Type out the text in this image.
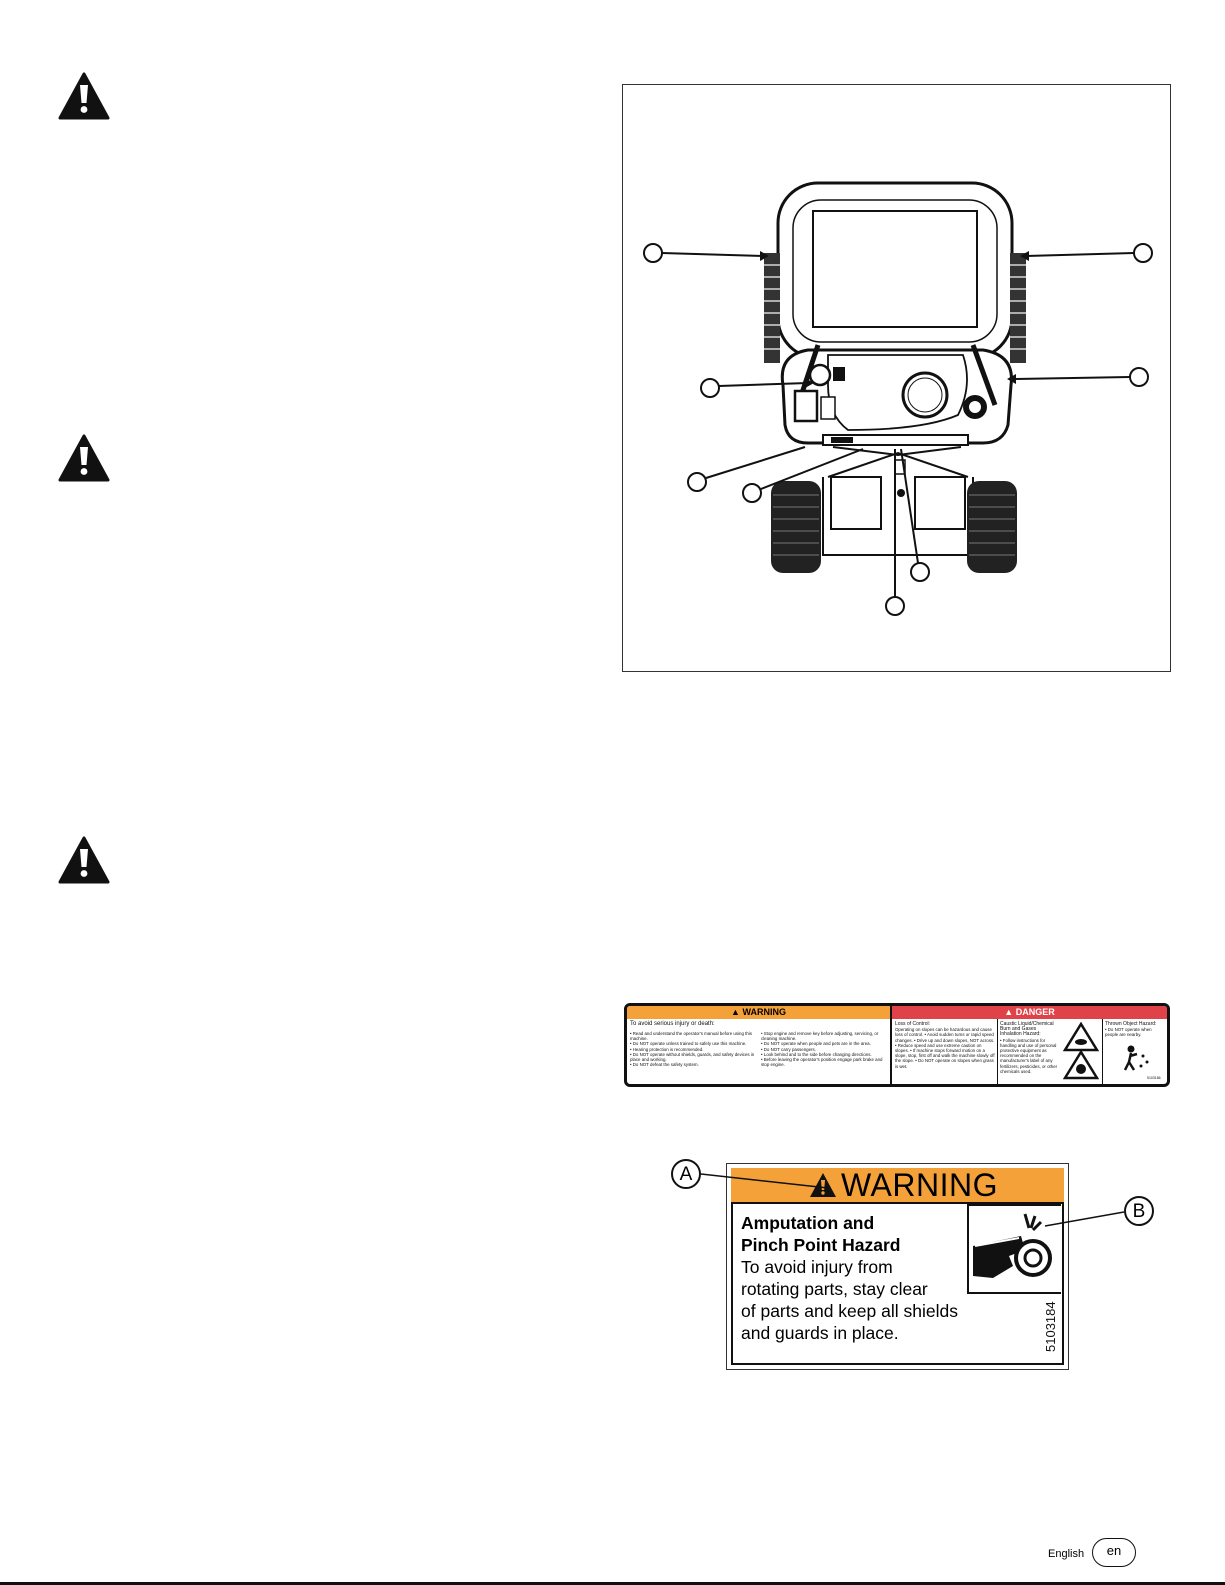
▲ WARNING	▲ DANGER
To avoid serious injury or death:
• Read and understand the operator's manual before using this machine.
• Do NOT operate unless trained to safely use this machine.
• Hearing protection is recommended.
• Do NOT operate without shields, guards, and safety devices in place and working.
• Do NOT defeat the safety system.
• Stop engine and remove key before adjusting, servicing, or cleaning machine.
• Do NOT operate when people and pets are in the area.
• Do NOT carry passengers.
• Look behind and to the side before changing directions.
• Before leaving the operator's position engage park brake and stop engine.
Loss of Control:
Operating on slopes can be hazardous and cause loss of control. • Avoid sudden turns or rapid speed changes. • Drive up and down slopes, NOT across. • Reduce speed and use extreme caution on slopes. • If machine stops forward motion on a slope, stop, first off and walk the machine slowly off the slope. • Do NOT operate on slopes when grass is wet.
Caustic Liquid/Chemical Burn and Gases Inhalation Hazard:
• Follow instructions for handling and use of personal protective equipment as recommended on the manufacturer's label of any fertilizers, pesticides, or other chemicals used.
Thrown Object Hazard:
• Do NOT operate when people are nearby.
5103186
WARNING
Amputation and
Pinch Point Hazard
To avoid injury from
rotating parts, stay clear
of parts and keep all shields
and guards in place.	5103184
A
B
English	en
